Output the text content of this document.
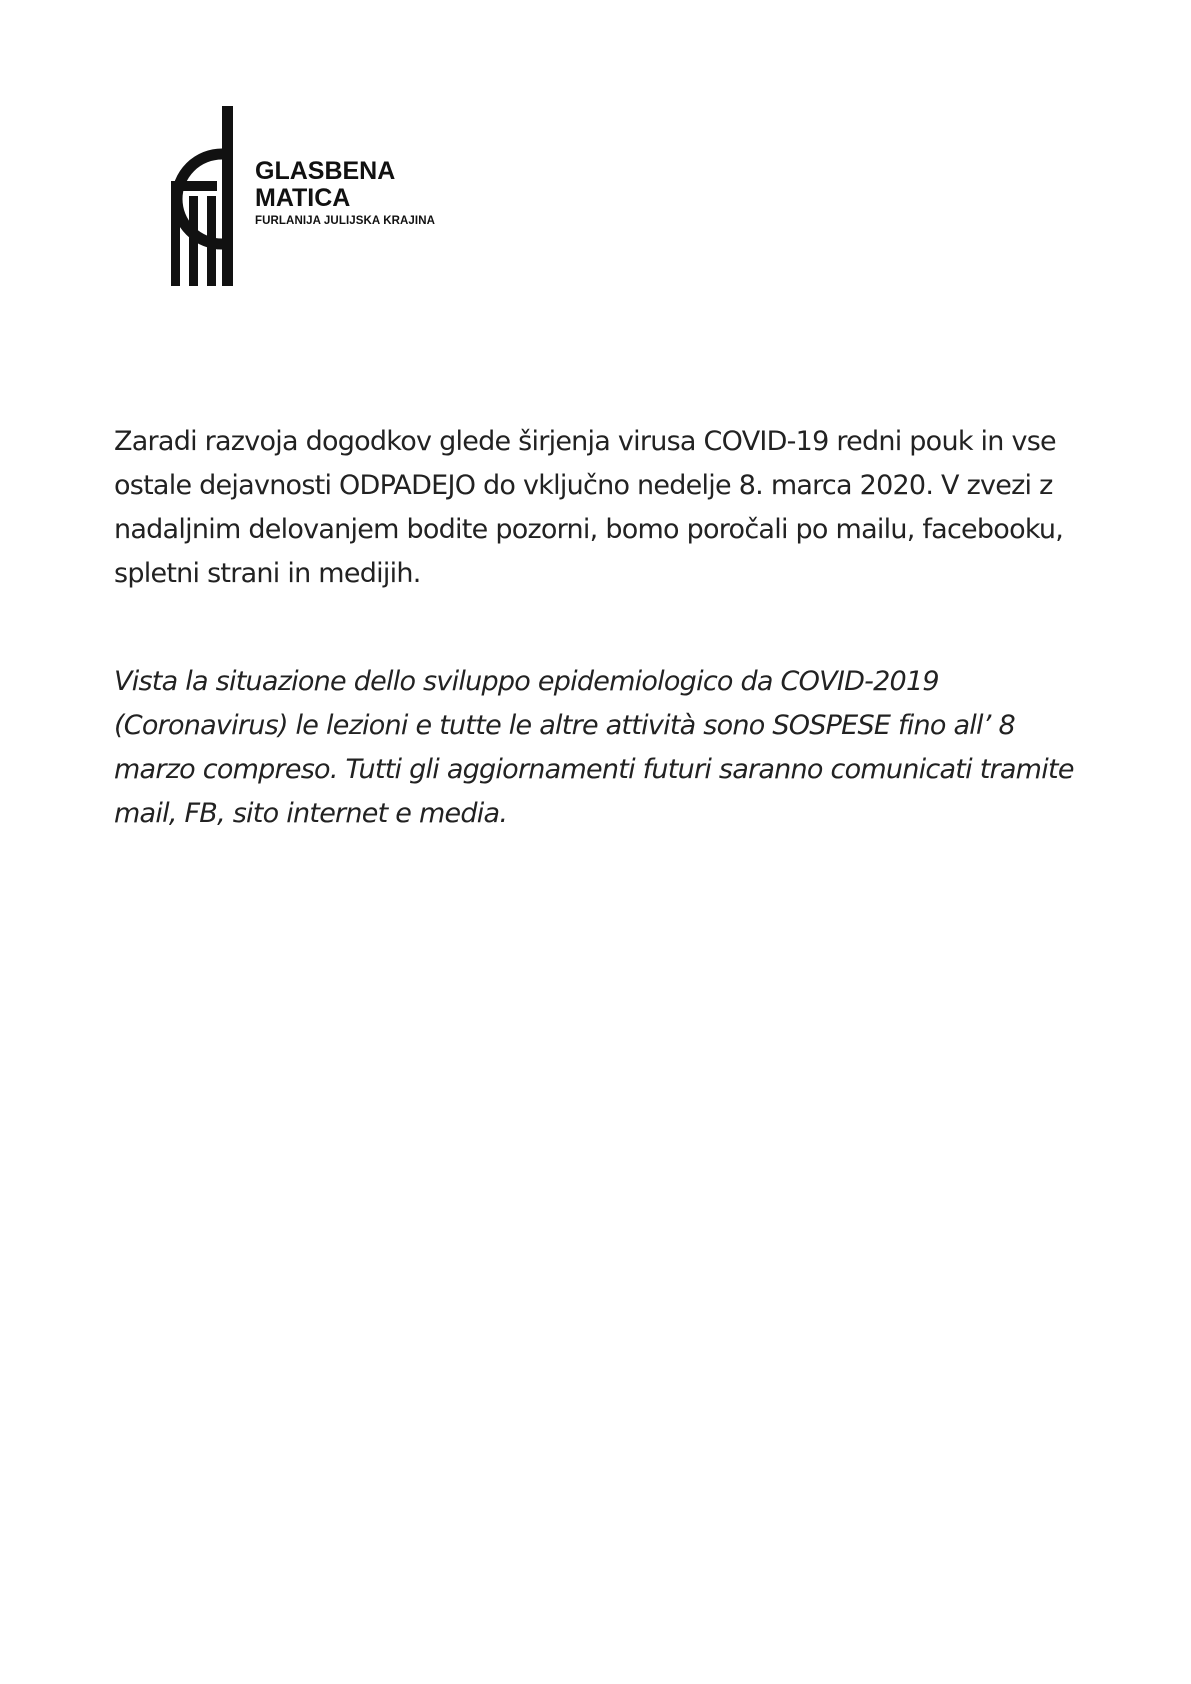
GLASBENA
MATICA
FURLANIJA JULIJSKA KRAJINA

Zaradi razvoja dogodkov glede širjenja virusa COVID-19 redni pouk in vse ostale dejavnosti ODPADEJO do vključno nedelje 8. marca 2020. V zvezi z nadaljnim delovanjem bodite pozorni, bomo poročali po mailu, facebooku, spletni strani in medijih.

Vista la situazione dello sviluppo epidemiologico da COVID-2019 (Coronavirus) le lezioni e tutte le altre attività sono SOSPESE fino all’ 8 marzo compreso. Tutti gli aggiornamenti futuri saranno comunicati tramite mail, FB, sito internet e media.
